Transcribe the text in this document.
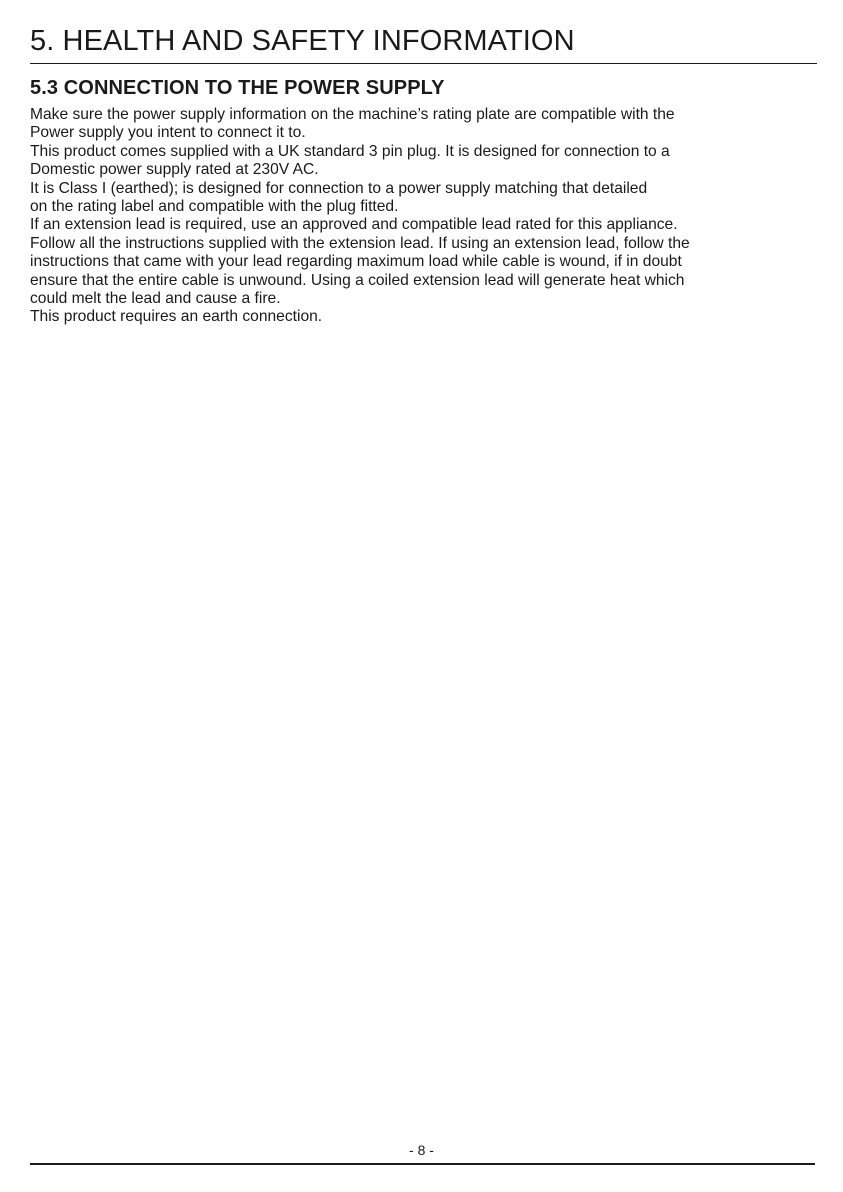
5. HEALTH AND SAFETY INFORMATION
5.3 CONNECTION TO THE POWER SUPPLY
Make sure the power supply information on the machine’s rating plate are compatible with the
Power supply you intent to connect it to.
This product comes supplied with a UK standard 3 pin plug. It is designed for connection to a
Domestic power supply rated at 230V AC.
It is Class I (earthed); is designed for connection to a power supply matching that detailed
on the rating label and compatible with the plug fitted.
If an extension lead is required, use an approved and compatible lead rated for this appliance.
Follow all the instructions supplied with the extension lead. If using an extension lead, follow the
instructions that came with your lead regarding maximum load while cable is wound, if in doubt
ensure that the entire cable is unwound. Using a coiled extension lead will generate heat which
could melt the lead and cause a fire.
This product requires an earth connection.
- 8 -
